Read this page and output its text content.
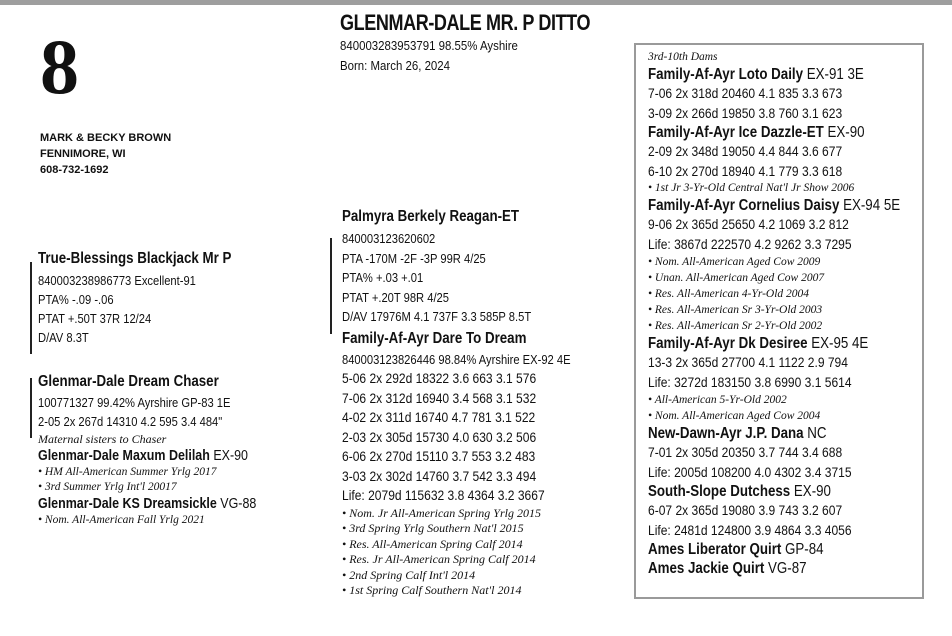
8
MARK & BECKY BROWN
FENNIMORE, WI
608-732-1692
GLENMAR-DALE MR. P DITTO
840003283953791 98.55% Ayshire
Born: March 26, 2024
True-Blessings Blackjack Mr P
840003238986773 Excellent-91
PTA% -.09 -.06
PTAT +.50T 37R 12/24
D/AV 8.3T
Glenmar-Dale Dream Chaser
100771327 99.42% Ayrshire GP-83 1E
2-05 2x 267d 14310 4.2 595 3.4 484"
Maternal sisters to Chaser
Glenmar-Dale Maxum Delilah EX-90
• HM All-American Summer Yrlg 2017
• 3rd Summer Yrlg Int'l 20017
Glenmar-Dale KS Dreamsickle VG-88
• Nom. All-American Fall Yrlg 2021
Palmyra Berkely Reagan-ET
840003123620602
PTA -170M -2F -3P 99R 4/25
PTA% +.03 +.01
PTAT +.20T 98R 4/25
D/AV 17976M 4.1 737F 3.3 585P 8.5T
Family-Af-Ayr Dare To Dream
840003123826446 98.84% Ayrshire EX-92 4E
5-06 2x 292d 18322 3.6 663 3.1 576
7-06 2x 312d 16940 3.4 568 3.1 532
4-02 2x 311d 16740 4.7 781 3.1 522
2-03 2x 305d 15730 4.0 630 3.2 506
6-06 2x 270d 15110 3.7 553 3.2 483
3-03 2x 302d 14760 3.7 542 3.3 494
Life: 2079d 115632 3.8 4364 3.2 3667
• Nom. Jr All-American Spring Yrlg 2015
• 3rd Spring Yrlg Southern Nat'l 2015
• Res. All-American Spring Calf 2014
• Res. Jr All-American Spring Calf 2014
• 2nd Spring Calf Int'l 2014
• 1st Spring Calf Southern Nat'l 2014
3rd-10th Dams
Family-Af-Ayr Loto Daily EX-91 3E
7-06 2x 318d 20460 4.1 835 3.3 673
3-09 2x 266d 19850 3.8 760 3.1 623
Family-Af-Ayr Ice Dazzle-ET EX-90
2-09 2x 348d 19050 4.4 844 3.6 677
6-10 2x 270d 18940 4.1 779 3.3 618
• 1st Jr 3-Yr-Old Central Nat'l Jr Show 2006
Family-Af-Ayr Cornelius Daisy EX-94 5E
9-06 2x 365d 25650 4.2 1069 3.2 812
Life: 3867d 222570 4.2 9262 3.3 7295
• Nom. All-American Aged Cow 2009
• Unan. All-American Aged Cow 2007
• Res. All-American 4-Yr-Old 2004
• Res. All-American Sr 3-Yr-Old 2003
• Res. All-American Sr 2-Yr-Old 2002
Family-Af-Ayr Dk Desiree EX-95 4E
13-3 2x 365d 27700 4.1 1122 2.9 794
Life: 3272d 183150 3.8 6990 3.1 5614
• All-American 5-Yr-Old 2002
• Nom. All-American Aged Cow 2004
New-Dawn-Ayr J.P. Dana NC
7-01 2x 305d 20350 3.7 744 3.4 688
Life: 2005d 108200 4.0 4302 3.4 3715
South-Slope Dutchess EX-90
6-07 2x 365d 19080 3.9 743 3.2 607
Life: 2481d 124800 3.9 4864 3.3 4056
Ames Liberator Quirt GP-84
Ames Jackie Quirt VG-87
